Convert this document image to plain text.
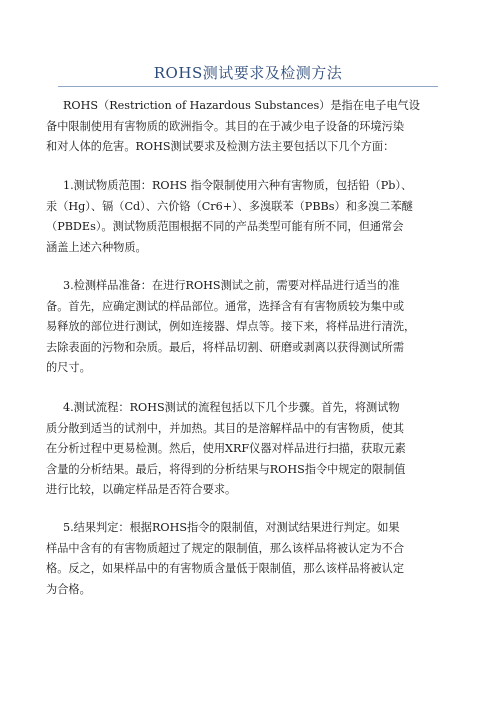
ROHS测试要求及检测方法
ROHS（Restriction of Hazardous Substances）是指在电子电气设
备中限制使用有害物质的欧洲指令。其目的在于减少电子设备的环境污染
和对人体的危害。ROHS测试要求及检测方法主要包括以下几个方面：
1.测试物质范围：ROHS 指令限制使用六种有害物质，包括铅（Pb）、
汞（Hg）、镉（Cd）、六价铬（Cr6+）、多溴联苯（PBBs）和多溴二苯醚
（PBDEs）。测试物质范围根据不同的产品类型可能有所不同，但通常会
涵盖上述六种物质。
3.检测样品准备：在进行ROHS测试之前，需要对样品进行适当的准
备。首先，应确定测试的样品部位。通常，选择含有有害物质较为集中或
易释放的部位进行测试，例如连接器、焊点等。接下来，将样品进行清洗，
去除表面的污物和杂质。最后，将样品切割、研磨或剥离以获得测试所需
的尺寸。
4.测试流程：ROHS测试的流程包括以下几个步骤。首先，将测试物
质分散到适当的试剂中，并加热。其目的是溶解样品中的有害物质，使其
在分析过程中更易检测。然后，使用XRF仪器对样品进行扫描，获取元素
含量的分析结果。最后，将得到的分析结果与ROHS指令中规定的限制值
进行比较，以确定样品是否符合要求。
5.结果判定：根据ROHS指令的限制值，对测试结果进行判定。如果
样品中含有的有害物质超过了规定的限制值，那么该样品将被认定为不合
格。反之，如果样品中的有害物质含量低于限制值，那么该样品将被认定
为合格。
